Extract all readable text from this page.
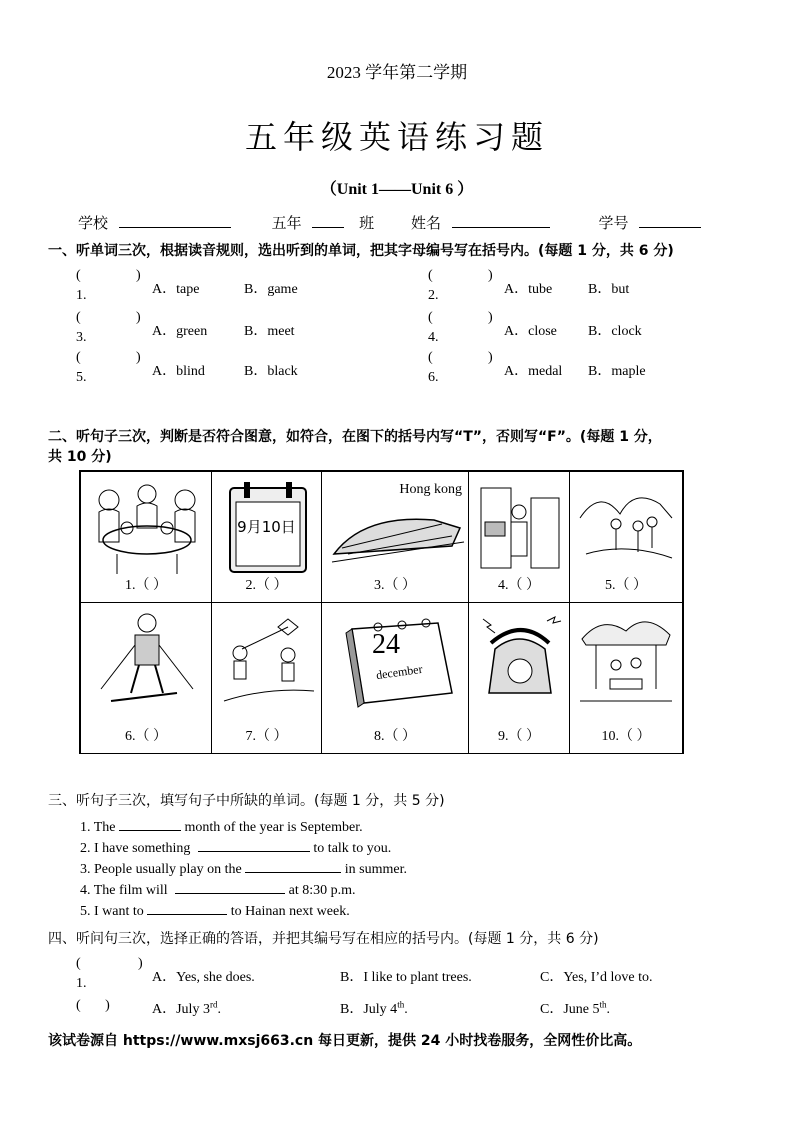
2023 学年第二学期
五年级英语练习题
（Unit 1——Unit 6 ）
学校	五年	班 姓名	学号
一、听单词三次，根据读音规则，选出听到的单词，把其字母编号写在括号内。(每题 1 分，共 6 分)
(	)
1.	A．tape	B．game
(	)
2.	A．tube	B．but
(	)
3.	A．green	B．meet
(	)
4.	A．close B．clock
(	)
5.	A．blind	B．black
(	)
6.	A．medal B．maple
二、听句子三次，判断是否符合图意，如符合，在图下的括号内写“T”，否则写“F”。(每题 1 分，
共 10 分)
1.（ ）
9月10日
2.（ ）
Hong kong
3.（ ）	4.（ ）	5.（ ）
6.（ ）	7.（ ）
24
december
8.（ ）	9.（ ）	10.（ ）
三、听句子三次，填写句子中所缺的单词。(每题 1 分，共 5 分)
1. The	month of the year is September.
2. I have something	to talk to you.
3. People usually play on the	in summer.
4. The film will	at 8:30 p.m.
5. I want to	to Hainan next week.
四、听问句三次，选择正确的答语，并把其编号写在相应的括号内。(每题 1 分，共 6 分)
(	)
1.	A．Yes, she does.	B．I like to plant trees.	C．Yes, I’d love to.
(       )	A．July 3rd.	B．July 4th.	C．June 5th.
该试卷源自 https://www.mxsj663.cn 每日更新，提供 24 小时找卷服务，全网性价比高。
